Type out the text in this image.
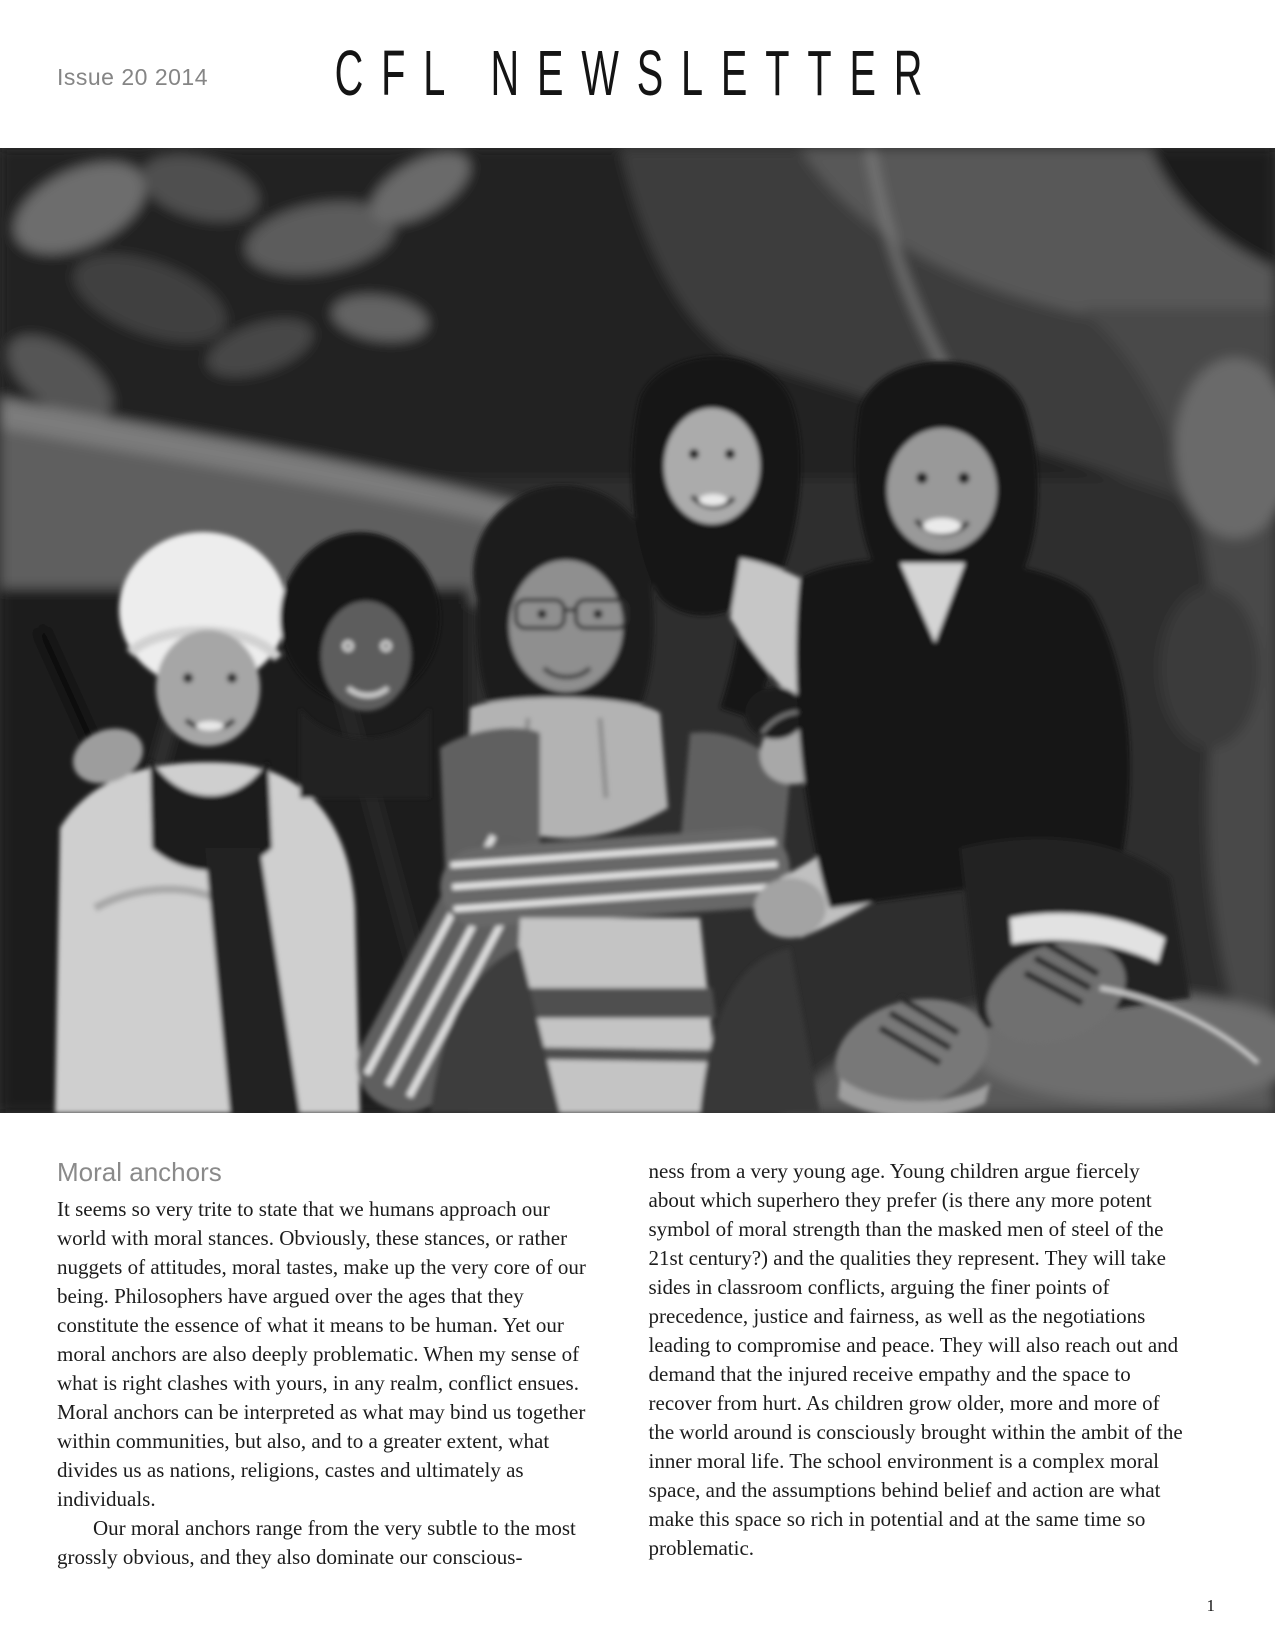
Issue 20 2014	CFL NEWSLETTER
Moral anchors

It seems so very trite to state that we humans approach our world with moral stances. Obviously, these stances, or rather nuggets of attitudes, moral tastes, make up the very core of our being. Philosophers have argued over the ages that they constitute the essence of what it means to be human. Yet our moral anchors are also deeply problematic. When my sense of what is right clashes with yours, in any realm, conflict ensues. Moral anchors can be interpreted as what may bind us together within communities, but also, and to a greater extent, what divides us as nations, religions, castes and ultimately as individuals.

Our moral anchors range from the very subtle to the most grossly obvious, and they also dominate our conscious-

ness from a very young age. Young children argue fiercely about which superhero they prefer (is there any more potent symbol of moral strength than the masked men of steel of the 21st century?) and the qualities they represent. They will take sides in classroom conflicts, arguing the finer points of precedence, justice and fairness, as well as the negotiations leading to compromise and peace. They will also reach out and demand that the injured receive empathy and the space to recover from hurt. As children grow older, more and more of the world around is consciously brought within the ambit of the inner moral life. The school environment is a complex moral space, and the assumptions behind belief and action are what make this space so rich in potential and at the same time so problematic.

1
